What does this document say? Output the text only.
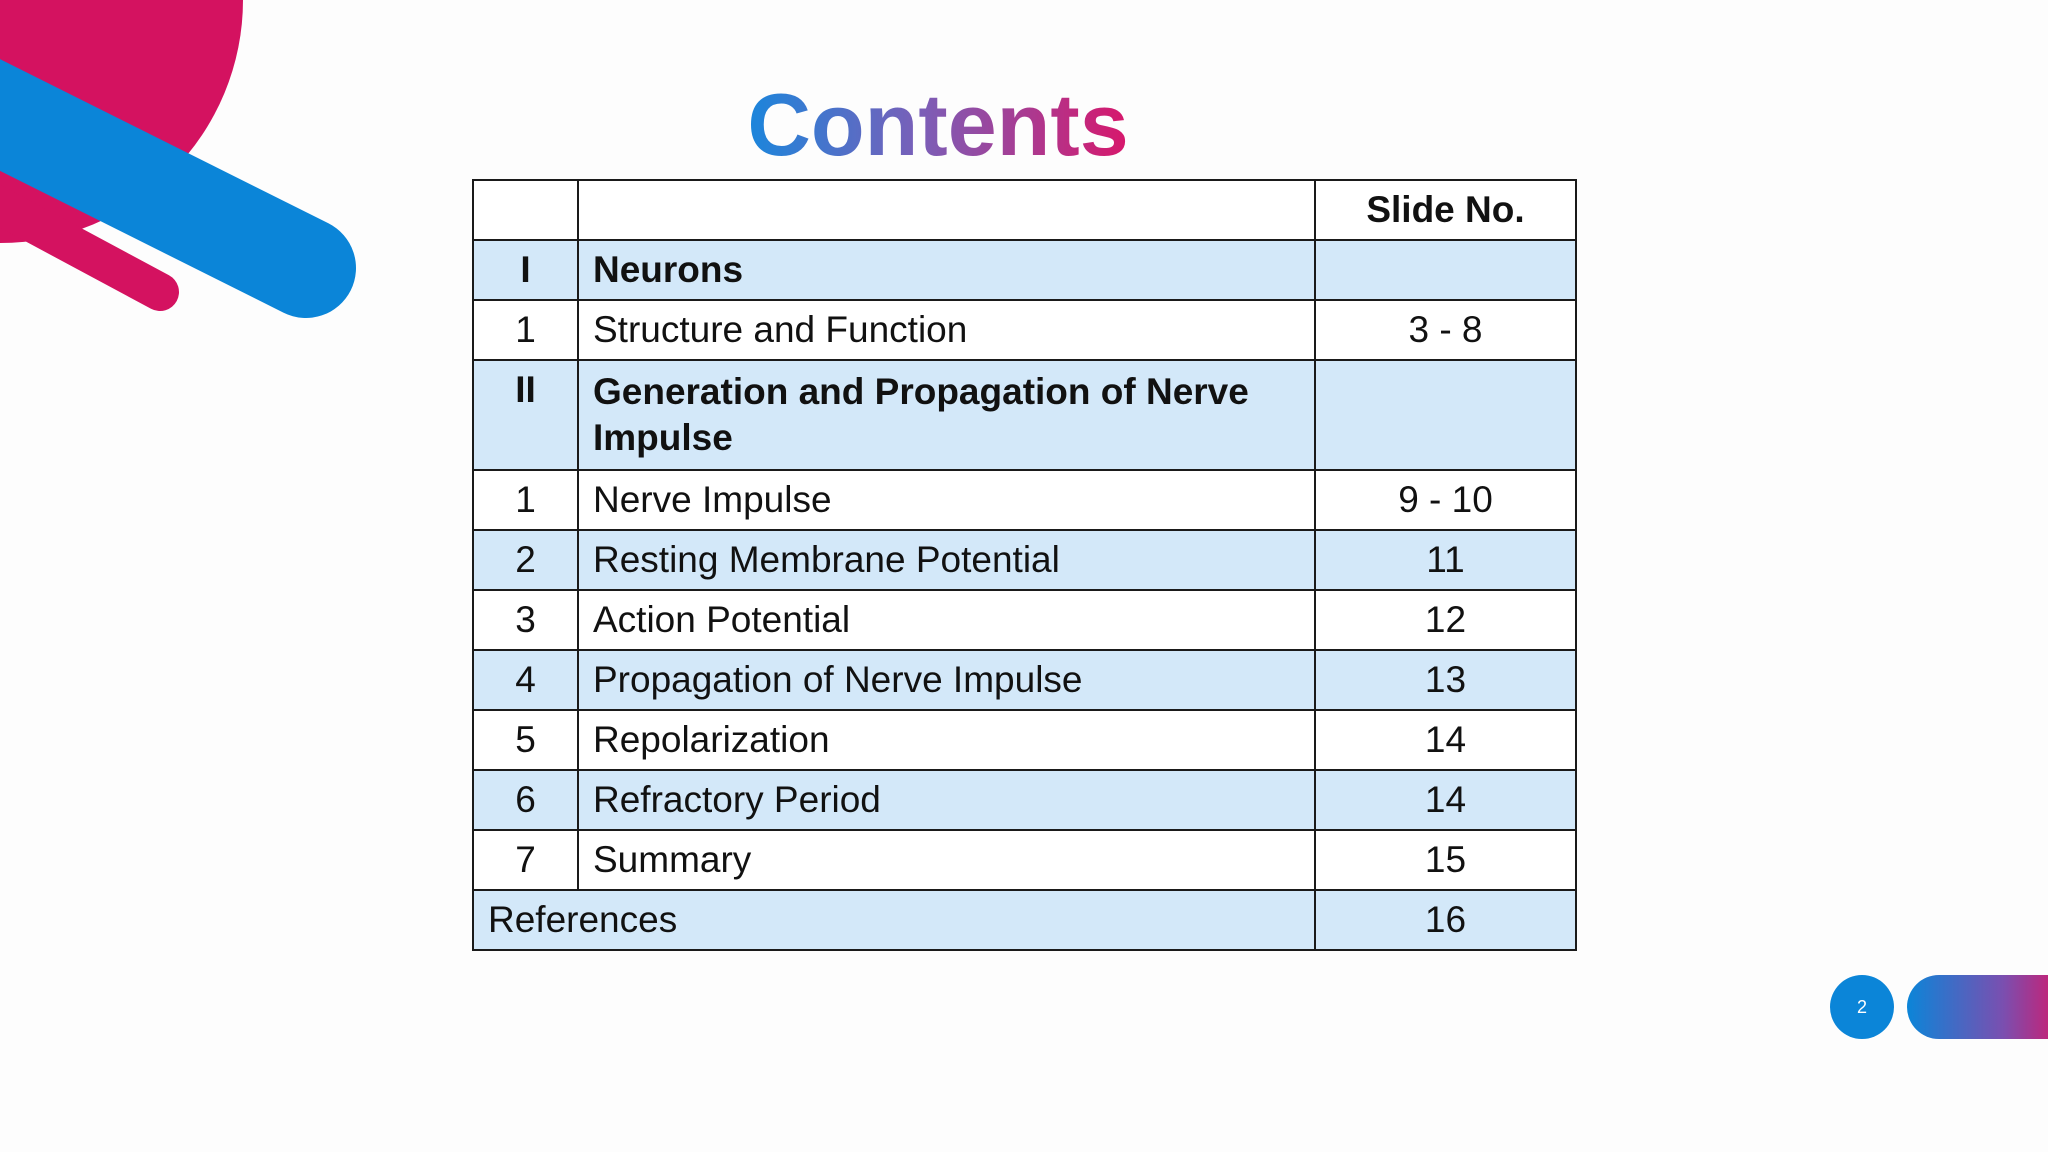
Contents
		Slide No.
I	Neurons	
1	Structure and Function	3 - 8
II	Generation and Propagation of Nerve Impulse	
1	Nerve Impulse	9 - 10
2	Resting Membrane Potential	11
3	Action Potential	12
4	Propagation of Nerve Impulse	13
5	Repolarization	14
6	Refractory Period	14
7	Summary	15
References		16
2
